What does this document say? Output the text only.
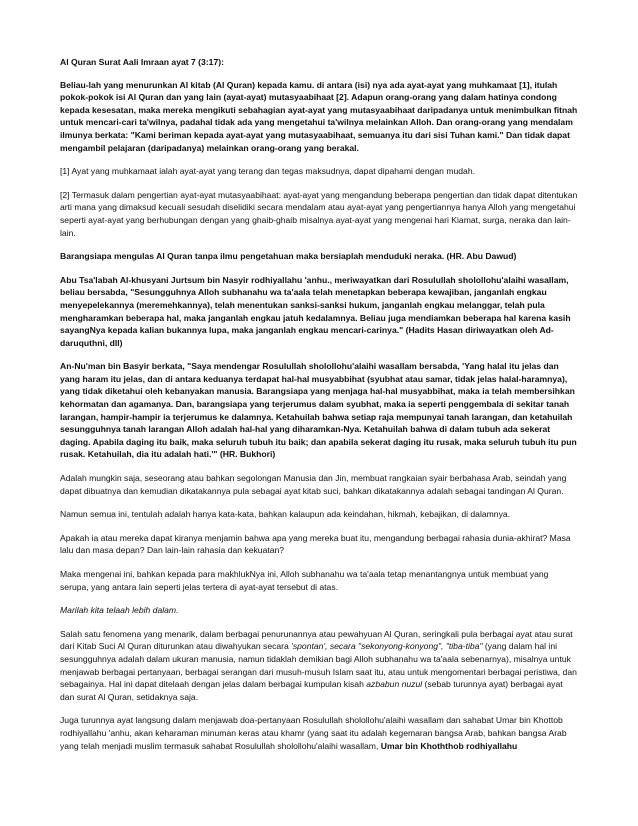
Al Quran Surat Aali Imraan ayat 7 (3:17):

Beliau-lah yang menurunkan Al kitab (Al Quran) kepada kamu. di antara (isi) nya ada ayat-ayat yang muhkamaat [1], itulah pokok-pokok isi Al Quran dan yang lain (ayat-ayat) mutasyaabihaat [2]. Adapun orang-orang yang dalam hatinya condong kepada kesesatan, maka mereka mengikuti sebahagian ayat-ayat yang mutasyaabihaat daripadanya untuk menimbulkan fitnah untuk mencari-cari ta'wilnya, padahal tidak ada yang mengetahui ta'wilnya melainkan Alloh. Dan orang-orang yang mendalam ilmunya berkata: "Kami beriman kepada ayat-ayat yang mutasyaabihaat, semuanya itu dari sisi Tuhan kami." Dan tidak dapat mengambil pelajaran (daripadanya) melainkan orang-orang yang berakal.

[1] Ayat yang muhkamaat ialah ayat-ayat yang terang dan tegas maksudnya, dapat dipahami dengan mudah.

[2] Termasuk dalam pengertian ayat-ayat mutasyaabihaat: ayat-ayat yang mengandung beberapa pengertian dan tidak dapat ditentukan arti mana yang dimaksud kecuali sesudah diselidiki secara mendalam atau ayat-ayat yang pengertiannya hanya Alloh yang mengetahui seperti ayat-ayat yang berhubungan dengan yang ghaib-ghaib misalnya ayat-ayat yang mengenai hari Kiamat, surga, neraka dan lain-lain.

Barangsiapa mengulas Al Quran tanpa ilmu pengetahuan maka bersiaplah menduduki neraka. (HR. Abu Dawud)

Abu Tsa'labah Al-khusyani Jurtsum bin Nasyir rodhiyallahu 'anhu., meriwayatkan dari Rosulullah sholollohu'alaihi wasallam, beliau bersabda, "Sesungguhnya Alloh subhanahu wa ta'aala telah menetapkan beberapa kewajiban, janganlah engkau menyepelekannya (meremehkannya), telah menentukan sanksi-sanksi hukum, janganlah engkau melanggar, telah pula mengharamkan beberapa hal, maka janganlah engkau jatuh kedalamnya. Beliau juga mendiamkan beberapa hal karena kasih sayangNya kepada kalian bukannya lupa, maka janganlah engkau mencari-carinya." (Hadits Hasan diriwayatkan oleh Ad-daruquthni, dll)

An-Nu'man bin Basyir berkata, "Saya mendengar Rosulullah sholollohu'alaihi wasallam bersabda, 'Yang halal itu jelas dan yang haram itu jelas, dan di antara keduanya terdapat hal-hal musyabbihat (syubhat atau samar, tidak jelas halal-haramnya), yang tidak diketahui oleh kebanyakan manusia. Barangsiapa yang menjaga hal-hal musyabbihat, maka ia telah membersihkan kehormatan dan agamanya. Dan, barangsiapa yang terjerumus dalam syubhat, maka ia seperti penggembala di sekitar tanah larangan, hampir-hampir ia terjerumus ke dalamnya. Ketahuilah bahwa setiap raja mempunyai tanah larangan, dan ketahuilah sesungguhnya tanah larangan Alloh adalah hal-hal yang diharamkan-Nya. Ketahuilah bahwa di dalam tubuh ada sekerat daging. Apabila daging itu baik, maka seluruh tubuh itu baik; dan apabila sekerat daging itu rusak, maka seluruh tubuh itu pun rusak. Ketahuilah, dia itu adalah hati.'" (HR. Bukhori)

Adalah mungkin saja, seseorang atau bahkan segolongan Manusia dan Jin, membuat rangkaian syair berbahasa Arab, seindah yang dapat dibuatnya dan kemudian dikatakannya pula sebagai ayat kitab suci, bahkan dikatakannya adalah sebagai tandingan Al Quran.

Namun semua ini, tentulah adalah hanya kata-kata, bahkan kalaupun ada keindahan, hikmah, kebajikan, di dalamnya.

Apakah ia atau mereka dapat kiranya menjamin bahwa apa yang mereka buat itu, mengandung berbagai rahasia dunia-akhirat? Masa lalu dan masa depan? Dan lain-lain rahasia dan kekuatan?

Maka mengenai ini, bahkan kepada para makhlukNya ini, Alloh subhanahu wa ta'aala tetap menantangnya untuk membuat yang serupa, yang antara lain seperti jelas tertera di ayat-ayat tersebut di atas.

Marilah kita telaah lebih dalam.

Salah satu fenomena yang menarik, dalam berbagai penurunannya atau pewahyuan Al Quran, seringkali pula berbagai ayat atau surat dari Kitab Suci Al Quran diturunkan atau diwahyukan secara 'spontan', secara "sekonyong-konyong", "tiba-tiba" (yang dalam hal ini sesungguhnya adalah dalam ukuran manusia, namun tidaklah demikian bagi Alloh subhanahu wa ta'aala sebenarnya), misalnya untuk menjawab berbagai pertanyaan, berbagai serangan dari musuh-musuh Islam saat itu, atau untuk mengomentari berbagai peristiwa, dan sebagainya. Hal ini dapat ditelaah dengan jelas dalam berbagai kumpulan kisah azbabun nuzul (sebab turunnya ayat) berbagai ayat dan surat Al Quran, setidaknya saja.

Juga turunnya ayat langsung dalam menjawab doa-pertanyaan Rosulullah sholollohu'alaihi wasallam dan sahabat Umar bin Khottob rodhiyallahu 'anhu, akan keharaman minuman keras atau khamr (yang saat itu adalah kegemaran bangsa Arab, bahkan bangsa Arab yang telah menjadi muslim termasuk sahabat Rosulullah sholollohu'alaihi wasallam, Umar bin Khoththob rodhiyallahu
